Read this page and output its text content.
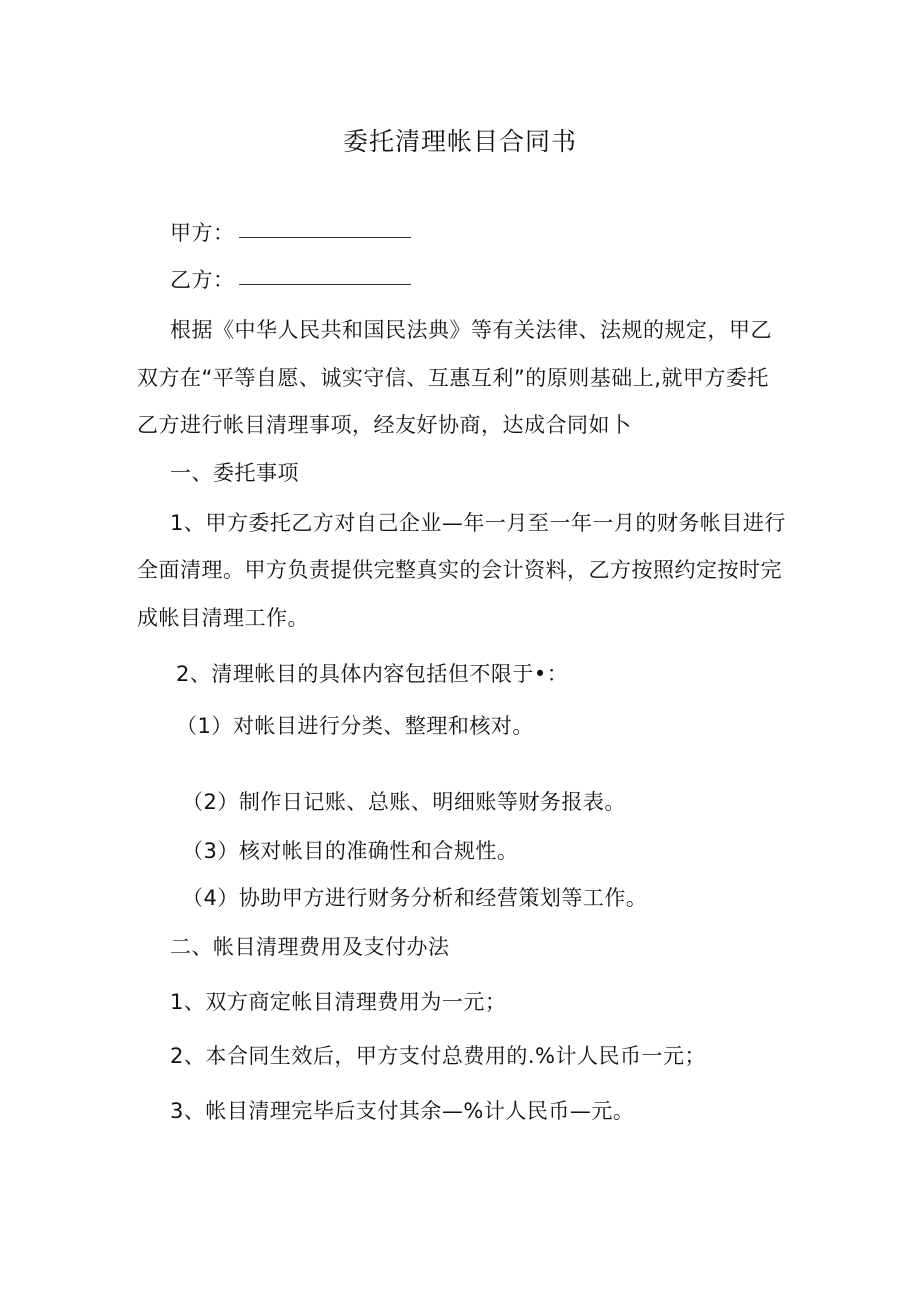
委托清理帐目合同书
甲方：
乙方：
根据《中华人民共和国民法典》等有关法律、法规的规定，甲乙
双方在“平等自愿、诚实守信、互惠互利”的原则基础上,就甲方委托
乙方进行帐目清理事项，经友好协商，达成合同如卜
一、委托事项
1、甲方委托乙方对自己企业—年一月至一年一月的财务帐目进行
全面清理。甲方负责提供完整真实的会计资料，乙方按照约定按时完
成帐目清理工作。
2、清理帐目的具体内容包括但不限于•：
（1）对帐目进行分类、整理和核对。
（2）制作日记账、总账、明细账等财务报表。
（3）核对帐目的准确性和合规性。
（4）协助甲方进行财务分析和经营策划等工作。
二、帐目清理费用及支付办法
1、双方商定帐目清理费用为一元；
2、本合同生效后，甲方支付总费用的.%计人民币一元；
3、帐目清理完毕后支付其余—%计人民币—元。
